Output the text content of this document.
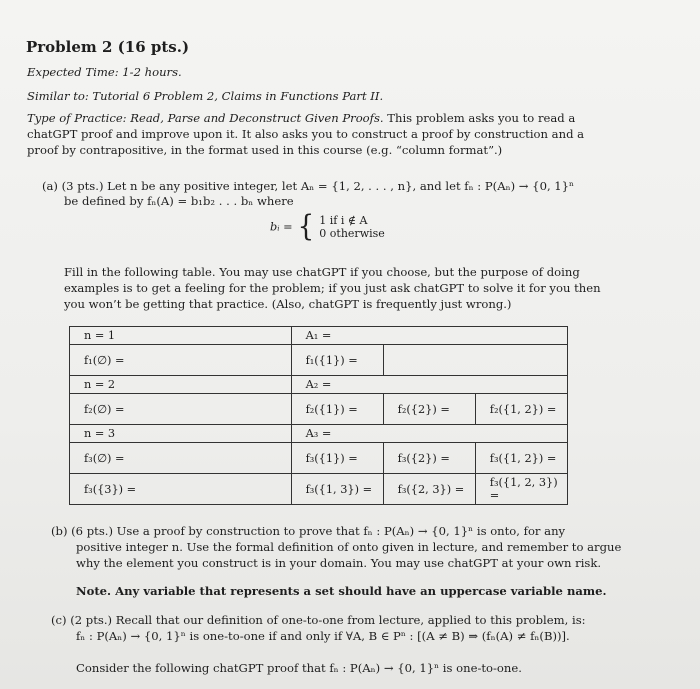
Problem 2 (16 pts.)
Expected Time: 1-2 hours.
Similar to: Tutorial 6 Problem 2, Claims in Functions Part II.
Type of Practice: Read, Parse and Deconstruct Given Proofs. This problem asks you to read a
chatGPT proof and improve upon it. It also asks you to construct a proof by construction and a
proof by contrapositive, in the format used in this course (e.g. “column format”.)
(a) (3 pts.) Let n be any positive integer, let Aₙ = {1, 2, . . . , n}, and let fₙ : P(Aₙ) → {0, 1}ⁿ
be defined by fₙ(A) = b₁b₂ . . . bₙ where
bᵢ = { 1 if i ∉ A
0 otherwise
Fill in the following table. You may use chatGPT if you choose, but the purpose of doing
examples is to get a feeling for the problem; if you just ask chatGPT to solve it for you then
you won’t be getting that practice. (Also, chatGPT is frequently just wrong.)
n = 1	A₁ =		
f₁(∅) =	f₁({1}) =		
n = 2	A₂ =		
f₂(∅) =	f₂({1}) =	f₂({2}) =	f₂({1, 2}) =
n = 3	A₃ =		
f₃(∅) =	f₃({1}) =	f₃({2}) =	f₃({1, 2}) =
f₃({3}) =	f₃({1, 3}) =	f₃({2, 3}) =	f₃({1, 2, 3}) =
(b) (6 pts.) Use a proof by construction to prove that fₙ : P(Aₙ) → {0, 1}ⁿ is onto, for any
positive integer n. Use the formal definition of onto given in lecture, and remember to argue
why the element you construct is in your domain. You may use chatGPT at your own risk.
Note. Any variable that represents a set should have an uppercase variable name.
(c) (2 pts.) Recall that our definition of one-to-one from lecture, applied to this problem, is:
fₙ : P(Aₙ) → {0, 1}ⁿ is one-to-one if and only if ∀A, B ∈ Pⁿ : [(A ≠ B) ⇒ (fₙ(A) ≠ fₙ(B))].
Consider the following chatGPT proof that fₙ : P(Aₙ) → {0, 1}ⁿ is one-to-one.
